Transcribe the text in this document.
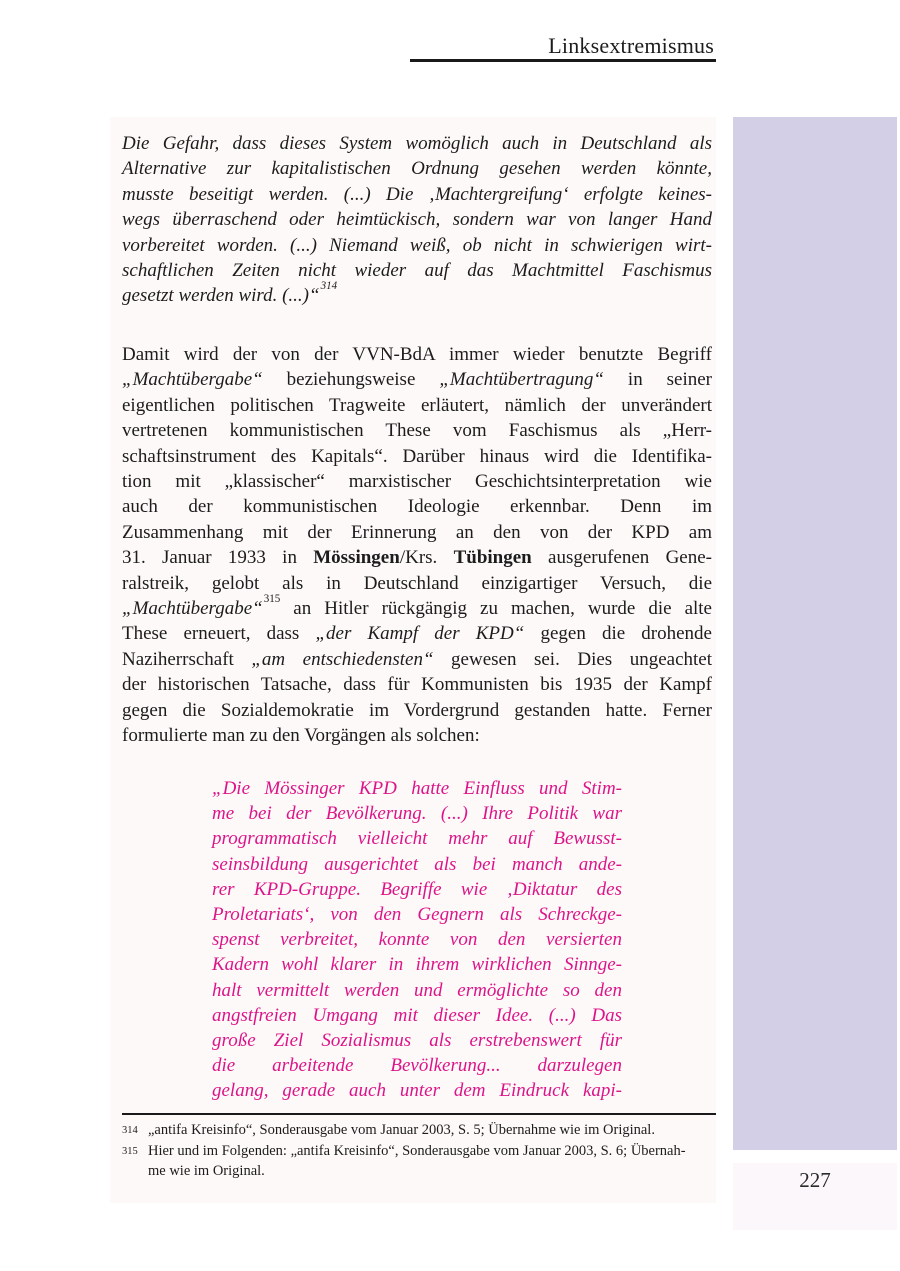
Linksextremismus
Die Gefahr, dass dieses System womöglich auch in Deutschland als
Alternative zur kapitalistischen Ordnung gesehen werden könnte,
musste beseitigt werden. (...) Die ‚Machtergreifung‘ erfolgte keines-
wegs überraschend oder heimtückisch, sondern war von langer Hand
vorbereitet worden. (...) Niemand weiß, ob nicht in schwierigen wirt-
schaftlichen Zeiten nicht wieder auf das Machtmittel Faschismus
gesetzt werden wird. (...)“$^{314}$
Damit wird der von der VVN-BdA immer wieder benutzte Begriff
„Machtübergabe“ beziehungsweise „Machtübertragung“ in seiner
eigentlichen politischen Tragweite erläutert, nämlich der unverändert
vertretenen kommunistischen These vom Faschismus als „Herr-
schaftsinstrument des Kapitals“. Darüber hinaus wird die Identifika-
tion mit „klassischer“ marxistischer Geschichtsinterpretation wie
auch der kommunistischen Ideologie erkennbar. Denn im
Zusammenhang mit der Erinnerung an den von der KPD am
31. Januar 1933 in Mössingen/Krs. Tübingen ausgerufenen Gene-
ralstreik, gelobt als in Deutschland einzigartiger Versuch, die
„Machtübergabe“$^{315}$ an Hitler rückgängig zu machen, wurde die alte
These erneuert, dass „der Kampf der KPD“ gegen die drohende
Naziherrschaft „am entschiedensten“ gewesen sei. Dies ungeachtet
der historischen Tatsache, dass für Kommunisten bis 1935 der Kampf
gegen die Sozialdemokratie im Vordergrund gestanden hatte. Ferner
formulierte man zu den Vorgängen als solchen:
„Die Mössinger KPD hatte Einfluss und Stim-
me bei der Bevölkerung. (...) Ihre Politik war
programmatisch vielleicht mehr auf Bewusst-
seinsbildung ausgerichtet als bei manch ande-
rer KPD-Gruppe. Begriffe wie ‚Diktatur des
Proletariats‘, von den Gegnern als Schreckge-
spenst verbreitet, konnte von den versierten
Kadern wohl klarer in ihrem wirklichen Sinnge-
halt vermittelt werden und ermöglichte so den
angstfreien Umgang mit dieser Idee. (...) Das
große Ziel Sozialismus als erstrebenswert für
die arbeitende Bevölkerung... darzulegen
gelang, gerade auch unter dem Eindruck kapi-
314 „antifa Kreisinfo“, Sonderausgabe vom Januar 2003, S. 5; Übernahme wie im Original.
315 Hier und im Folgenden: „antifa Kreisinfo“, Sonderausgabe vom Januar 2003, S. 6; Übernah-
me wie im Original.	227
